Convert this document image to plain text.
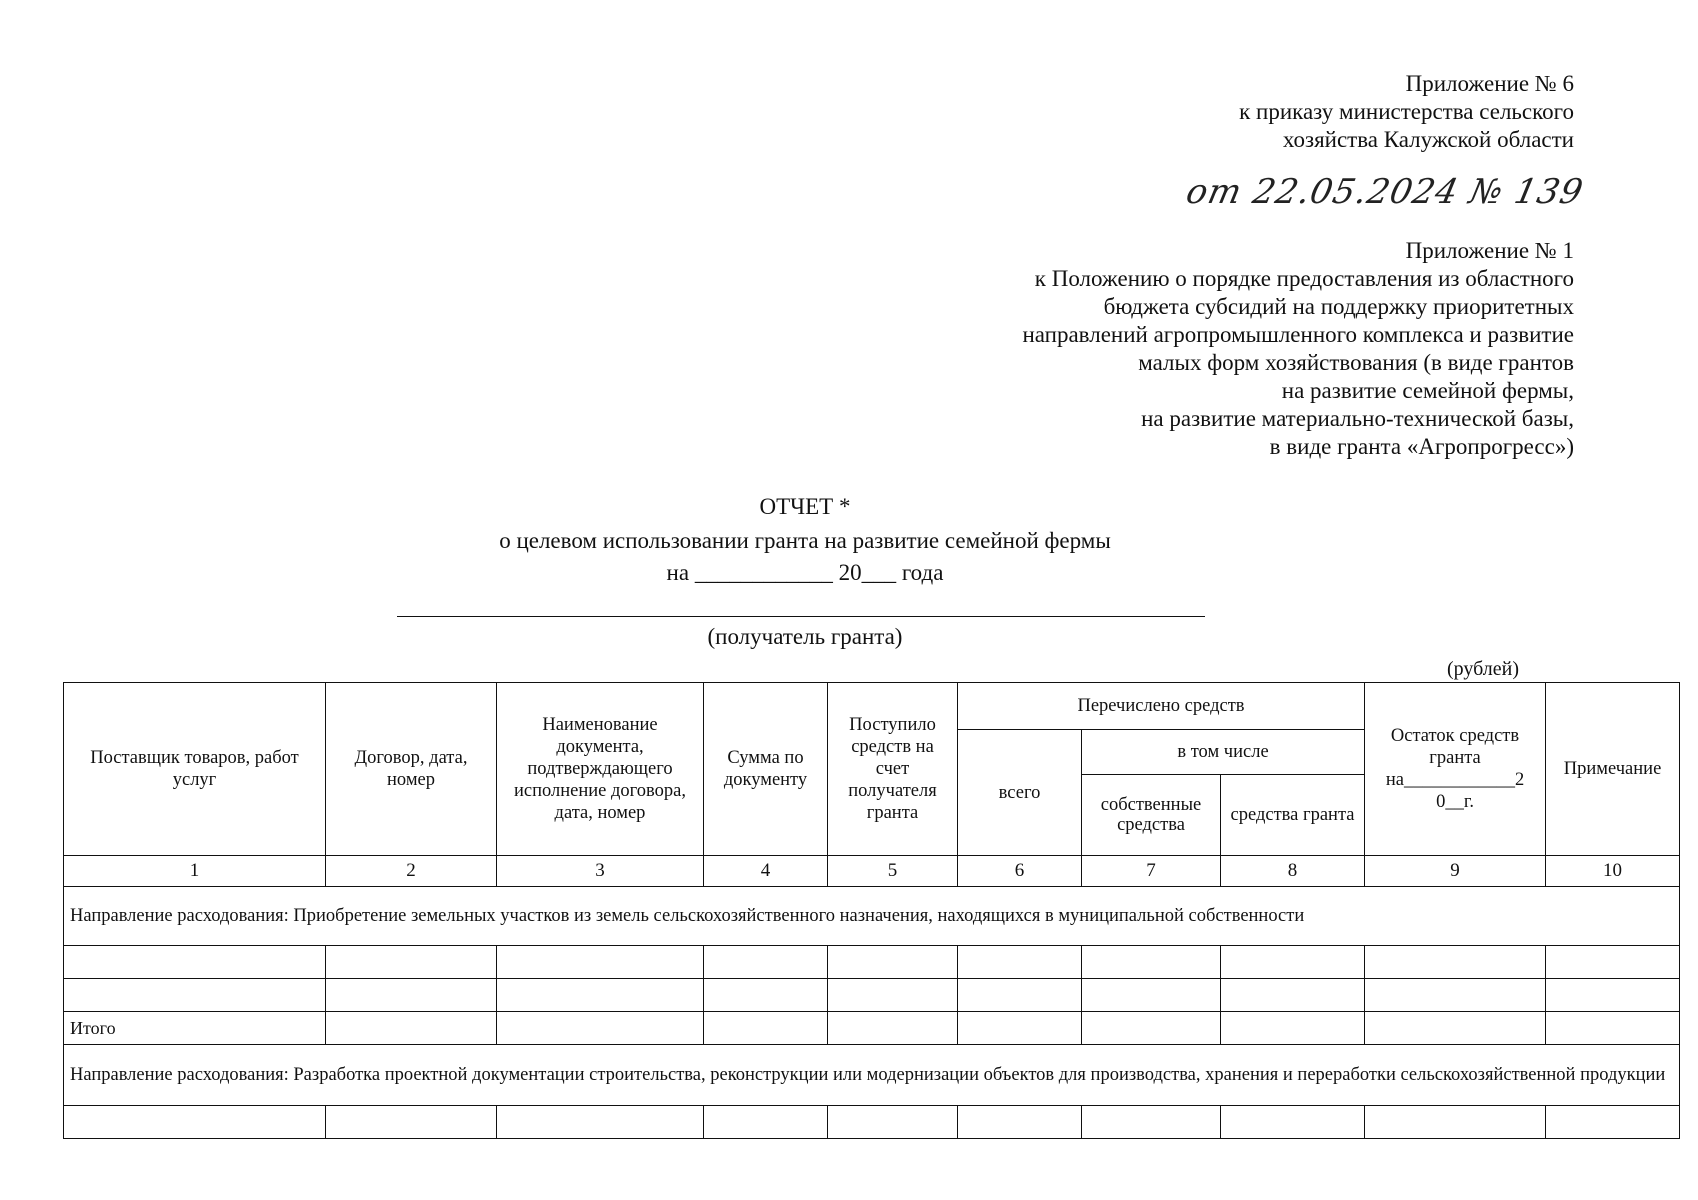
Приложение № 6
к приказу министерства сельского
хозяйства Калужской области
от 22.05.2024 № 139
Приложение № 1
к Положению о порядке предоставления из областного
бюджета субсидий на поддержку приоритетных
направлений агропромышленного комплекса и развитие
малых форм хозяйствования (в виде грантов
на развитие семейной фермы,
на развитие материально-технической базы,
в виде гранта «Агропрогресс»)
ОТЧЕТ *
о целевом использовании гранта на развитие семейной фермы
на ____________ 20___ года
(получатель гранта)
(рублей)
Поставщик товаров, работ услуг	Договор, дата, номер	Наименование документа, подтверждающего исполнение договора, дата, номер	Сумма по документу	Поступило средств на счет получателя гранта	Перечислено средств			Остаток средств гранта на____________2 0__г.	Примечание
					всего	в том числе			
						собственные средства	средства гранта		
1	2	3	4	5	6	7	8	9	10
Направление расходования: Приобретение земельных участков из земель сельскохозяйственного назначения, находящихся в муниципальной собственности									

Итого									
Направление расходования: Разработка проектной документации строительства, реконструкции или модернизации объектов для производства, хранения и переработки сельскохозяйственной продукции									
